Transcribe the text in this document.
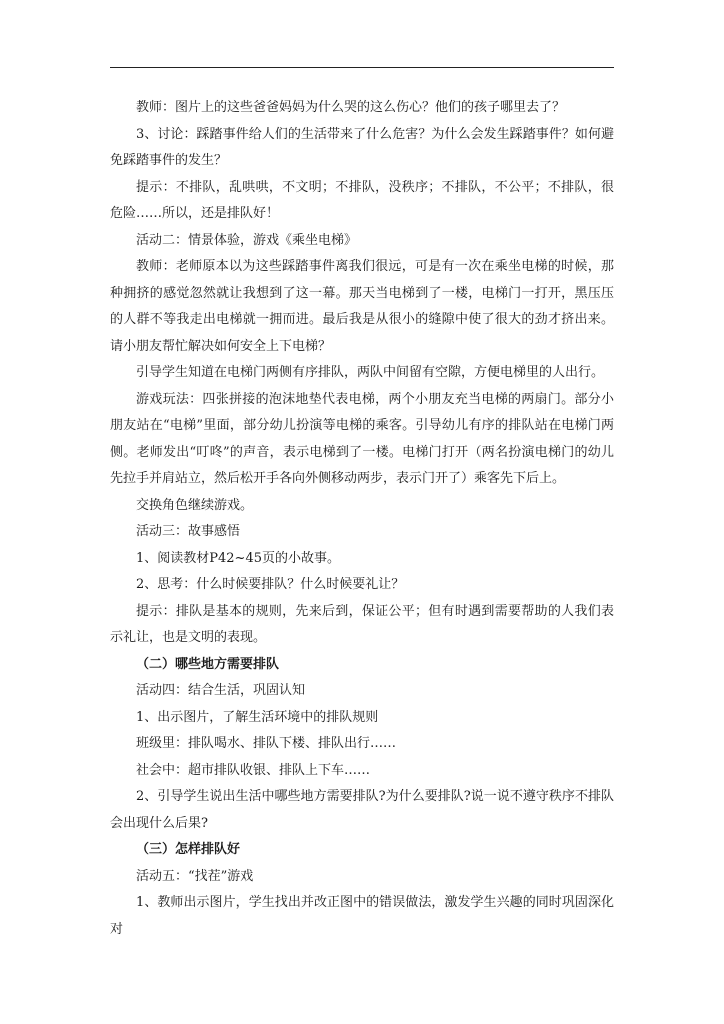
教师：图片上的这些爸爸妈妈为什么哭的这么伤心？他们的孩子哪里去了？

3、讨论：踩踏事件给人们的生活带来了什么危害？为什么会发生踩踏事件？如何避免踩踏事件的发生？

提示：不排队，乱哄哄，不文明；不排队，没秩序；不排队，不公平；不排队，很危险……所以，还是排队好！

活动二：情景体验，游戏《乘坐电梯》

教师：老师原本以为这些踩踏事件离我们很远，可是有一次在乘坐电梯的时候，那种拥挤的感觉忽然就让我想到了这一幕。那天当电梯到了一楼，电梯门一打开，黑压压的人群不等我走出电梯就一拥而进。最后我是从很小的缝隙中使了很大的劲才挤出来。请小朋友帮忙解决如何安全上下电梯？

引导学生知道在电梯门两侧有序排队，两队中间留有空隙，方便电梯里的人出行。

游戏玩法：四张拼接的泡沫地垫代表电梯，两个小朋友充当电梯的两扇门。部分小朋友站在“电梯”里面，部分幼儿扮演等电梯的乘客。引导幼儿有序的排队站在电梯门两侧。老师发出“叮咚”的声音，表示电梯到了一楼。电梯门打开（两名扮演电梯门的幼儿先拉手并肩站立，然后松开手各向外侧移动两步，表示门开了）乘客先下后上。

交换角色继续游戏。

活动三：故事感悟

1、阅读教材P42~45页的小故事。

2、思考：什么时候要排队？什么时候要礼让？

提示：排队是基本的规则，先来后到，保证公平；但有时遇到需要帮助的人我们表示礼让，也是文明的表现。

（二）哪些地方需要排队

活动四：结合生活，巩固认知

1、出示图片，了解生活环境中的排队规则

班级里：排队喝水、排队下楼、排队出行……

社会中：超市排队收银、排队上下车……

2、引导学生说出生活中哪些地方需要排队?为什么要排队?说一说不遵守秩序不排队会出现什么后果?

（三）怎样排队好

活动五：“找茬”游戏

1、教师出示图片，学生找出并改正图中的错误做法，激发学生兴趣的同时巩固深化对
